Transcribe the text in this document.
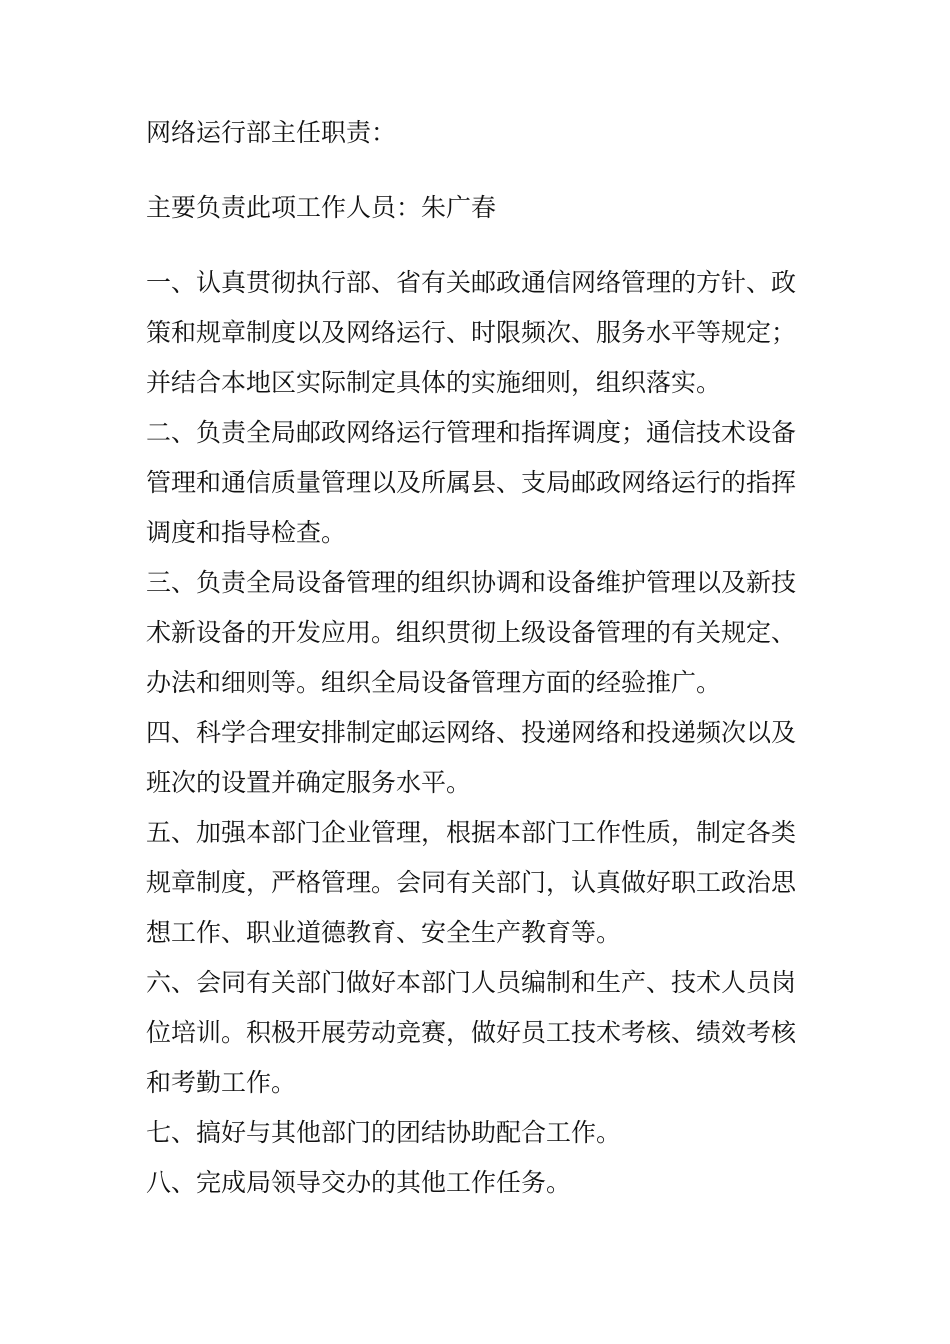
网络运行部主任职责：
主要负责此项工作人员：朱广春
一、认真贯彻执行部、省有关邮政通信网络管理的方针、政
策和规章制度以及网络运行、时限频次、服务水平等规定；
并结合本地区实际制定具体的实施细则，组织落实。
二、负责全局邮政网络运行管理和指挥调度；通信技术设备
管理和通信质量管理以及所属县、支局邮政网络运行的指挥
调度和指导检查。
三、负责全局设备管理的组织协调和设备维护管理以及新技
术新设备的开发应用。组织贯彻上级设备管理的有关规定、
办法和细则等。组织全局设备管理方面的经验推广。
四、科学合理安排制定邮运网络、投递网络和投递频次以及
班次的设置并确定服务水平。
五、加强本部门企业管理，根据本部门工作性质，制定各类
规章制度，严格管理。会同有关部门，认真做好职工政治思
想工作、职业道德教育、安全生产教育等。
六、会同有关部门做好本部门人员编制和生产、技术人员岗
位培训。积极开展劳动竞赛，做好员工技术考核、绩效考核
和考勤工作。
七、搞好与其他部门的团结协助配合工作。
八、完成局领导交办的其他工作任务。
